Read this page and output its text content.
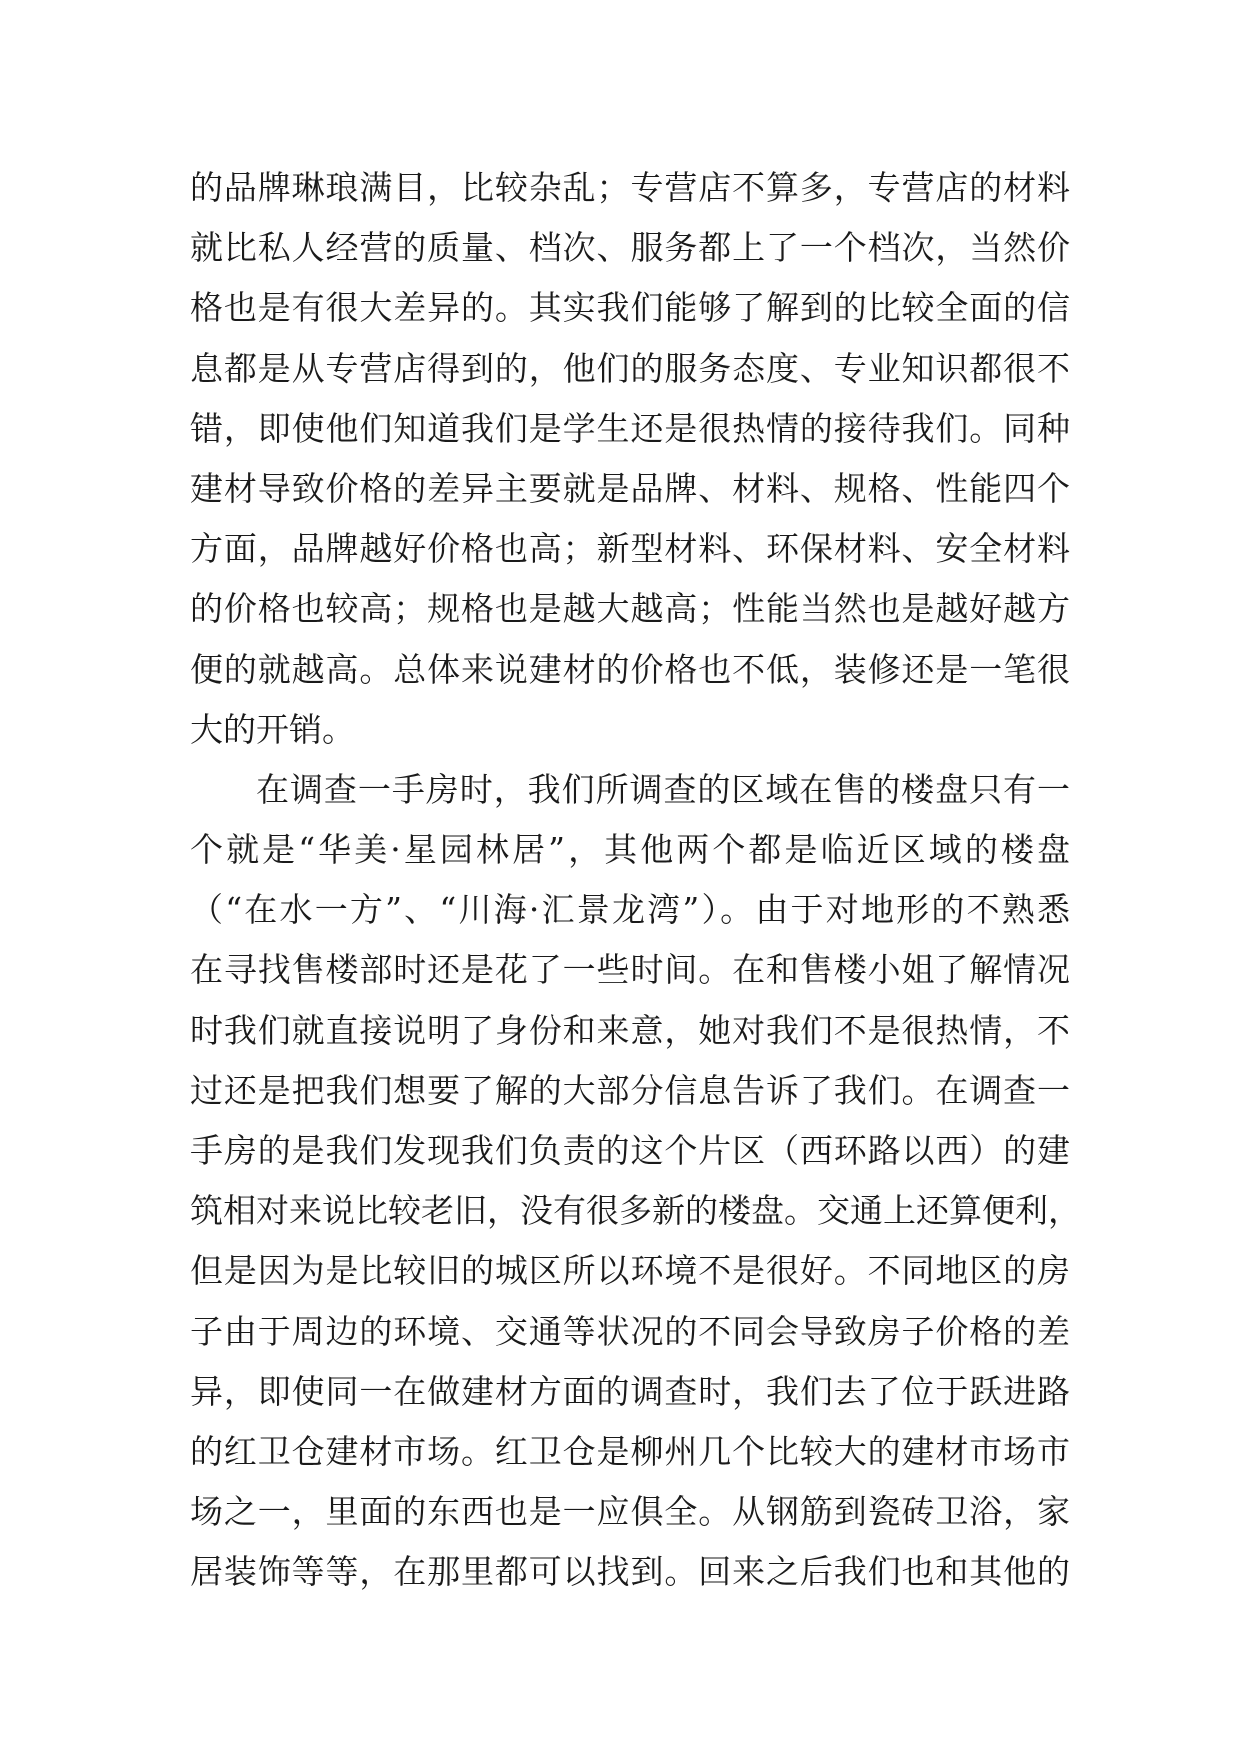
的品牌琳琅满目，比较杂乱；专营店不算多，专营店的材料
就比私人经营的质量、档次、服务都上了一个档次，当然价
格也是有很大差异的。其实我们能够了解到的比较全面的信
息都是从专营店得到的，他们的服务态度、专业知识都很不
错，即使他们知道我们是学生还是很热情的接待我们。同种
建材导致价格的差异主要就是品牌、材料、规格、性能四个
方面，品牌越好价格也高；新型材料、环保材料、安全材料
的价格也较高；规格也是越大越高；性能当然也是越好越方
便的就越高。总体来说建材的价格也不低，装修还是一笔很
大的开销。
在调查一手房时，我们所调查的区域在售的楼盘只有一
个就是“华美·星园林居”，其他两个都是临近区域的楼盘
（“在水一方”、“川海·汇景龙湾”）。由于对地形的不熟悉
在寻找售楼部时还是花了一些时间。在和售楼小姐了解情况
时我们就直接说明了身份和来意，她对我们不是很热情，不
过还是把我们想要了解的大部分信息告诉了我们。在调查一
手房的是我们发现我们负责的这个片区（西环路以西）的建
筑相对来说比较老旧，没有很多新的楼盘。交通上还算便利，
但是因为是比较旧的城区所以环境不是很好。不同地区的房
子由于周边的环境、交通等状况的不同会导致房子价格的差
异，即使同一在做建材方面的调查时，我们去了位于跃进路
的红卫仓建材市场。红卫仓是柳州几个比较大的建材市场市
场之一，里面的东西也是一应俱全。从钢筋到瓷砖卫浴，家
居装饰等等，在那里都可以找到。回来之后我们也和其他的
